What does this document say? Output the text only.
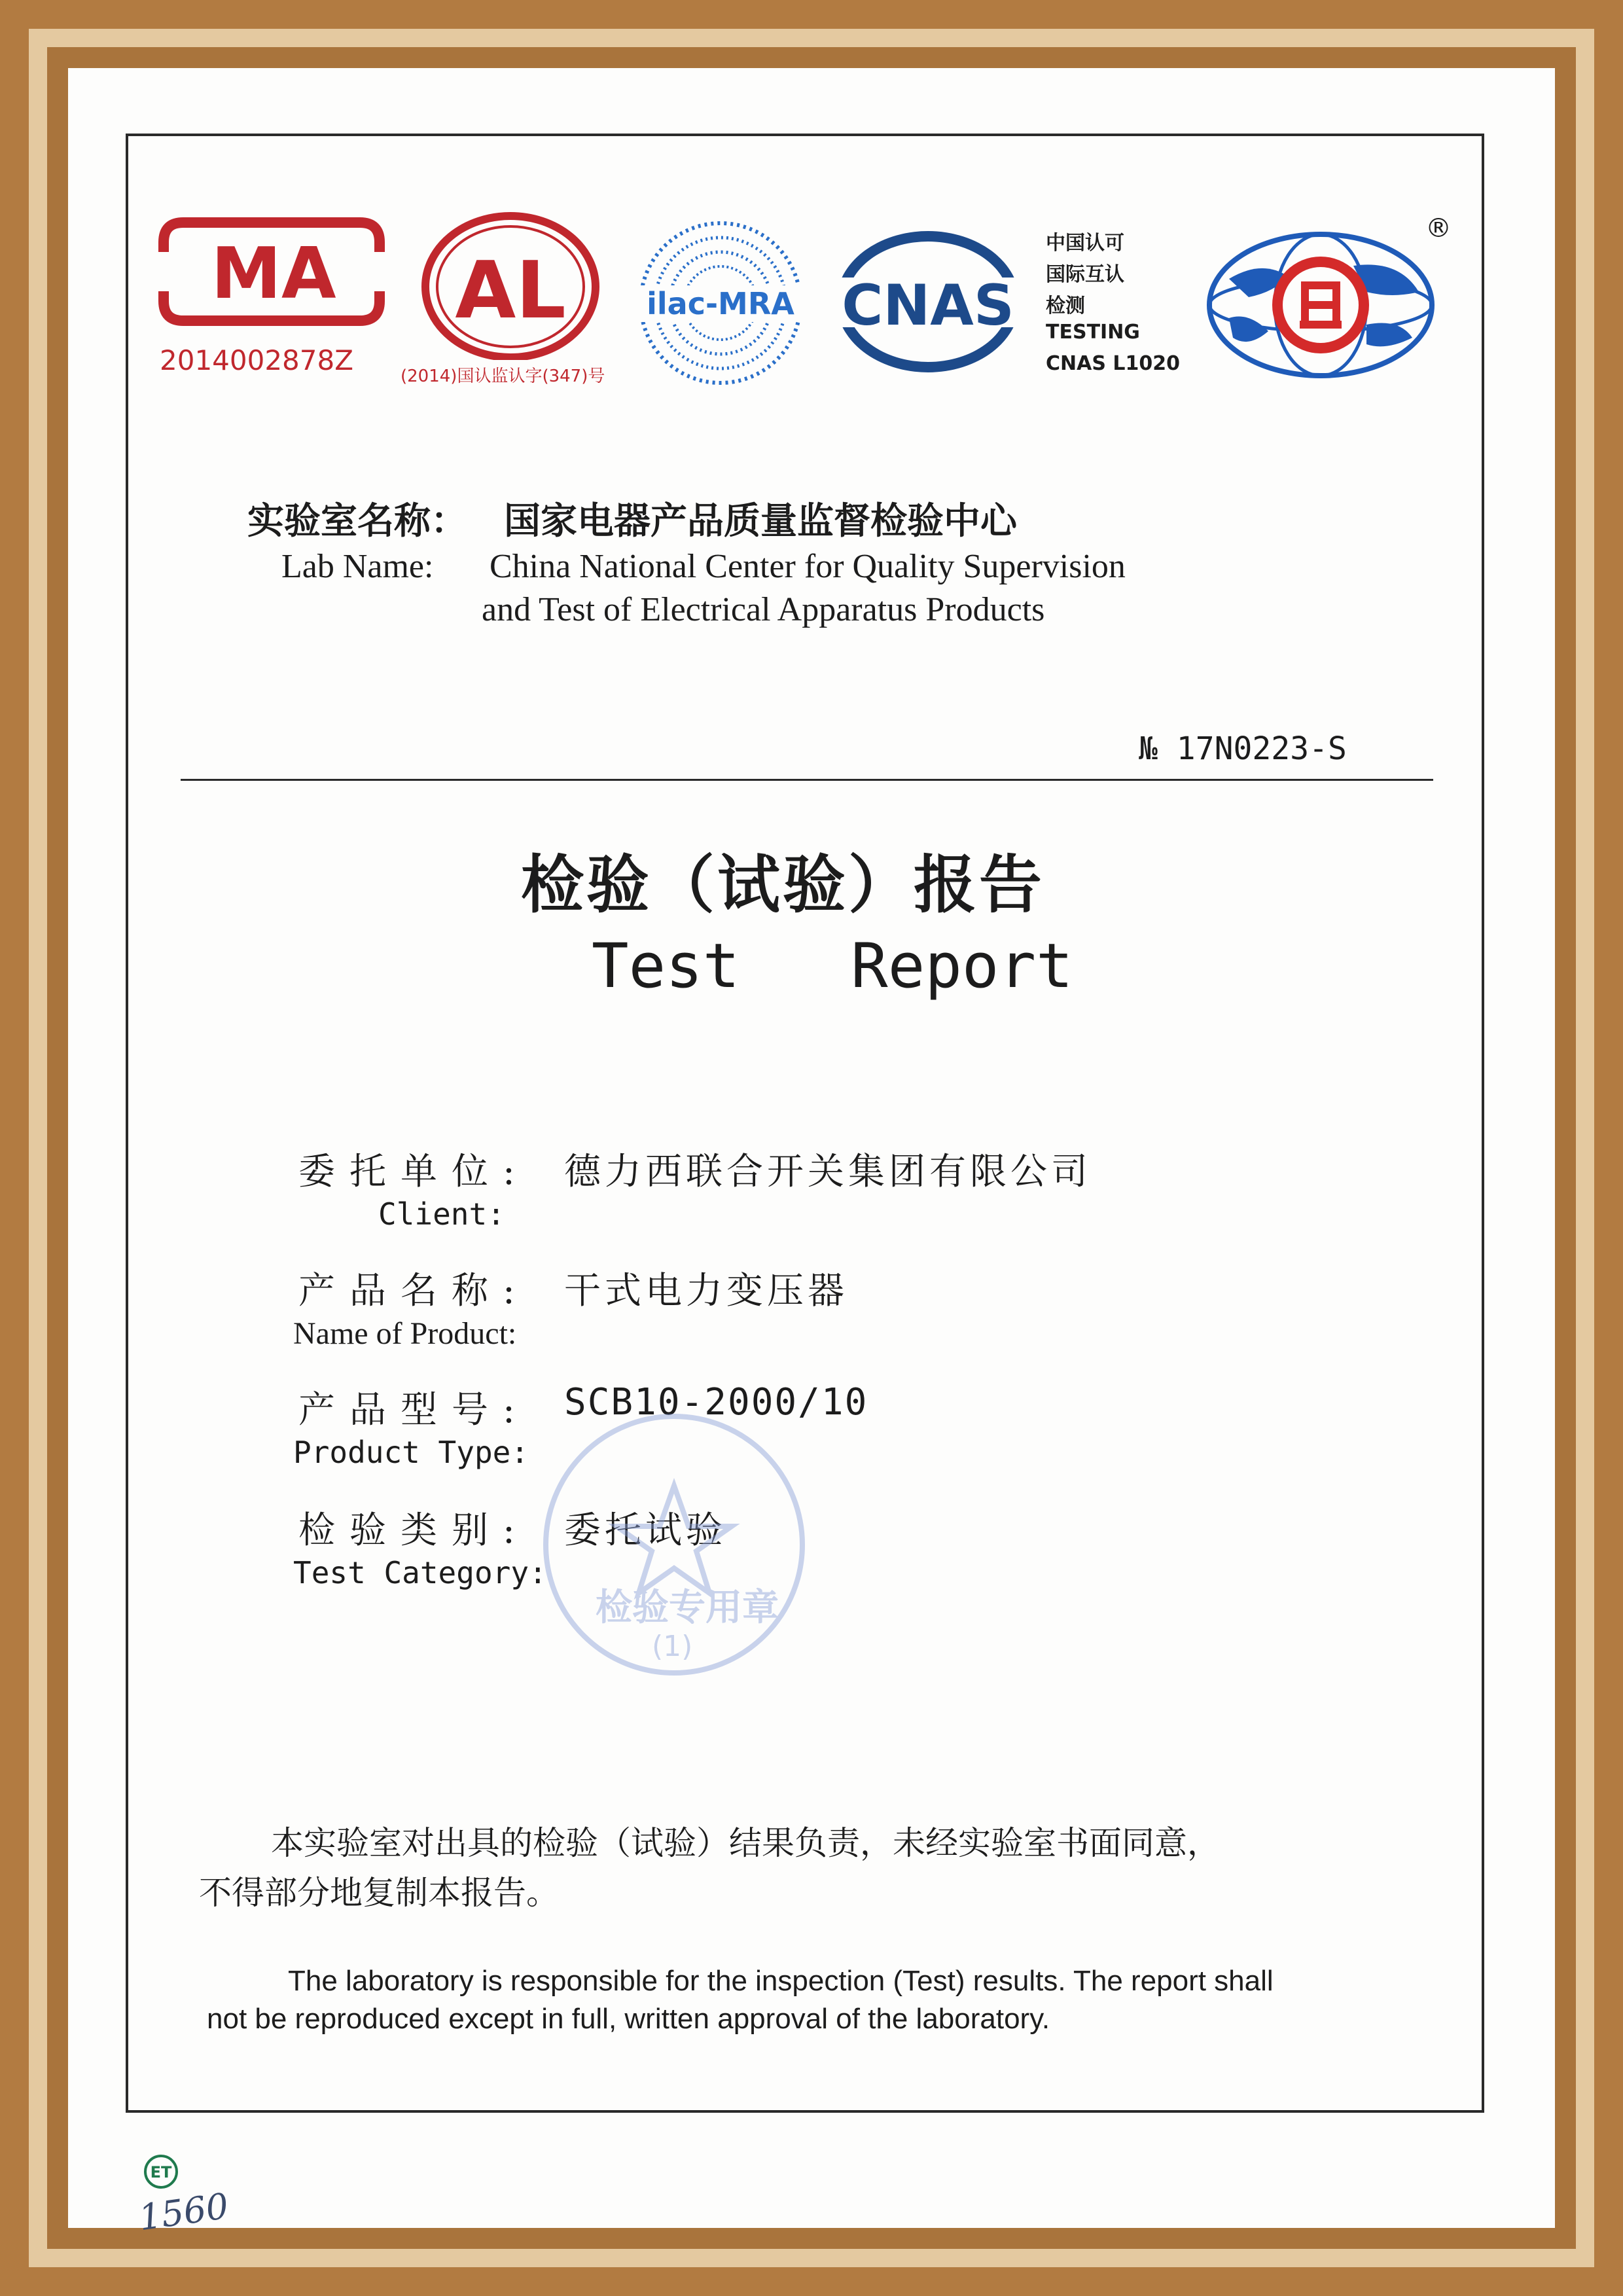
MA
2014002878Z
AL
(2014)国认监认字(347)号
ilac-MRA CNAS
中国认可
国际互认
检测
TESTING
CNAS L1020
®
实验室名称： 国家电器产品质量监督检验中心
Lab Name: China National Center for Quality Supervision
and Test of Electrical Apparatus Products
№ 17N0223-S
检验（试验）报告
Test   Report
委托单位: 德力西联合开关集团有限公司
Client:
产品名称: 干式电力变压器
Name of Product:
产品型号: SCB10-2000/10
Product Type:
检验类别: 委托试验
Test Category:
检验专用章
(1)
本实验室对出具的检验（试验）结果负责，未经实验室书面同意，
不得部分地复制本报告。
The laboratory is responsible for the inspection (Test) results. The report shall
not be reproduced except in full, written approval of the laboratory.
ET
1560
